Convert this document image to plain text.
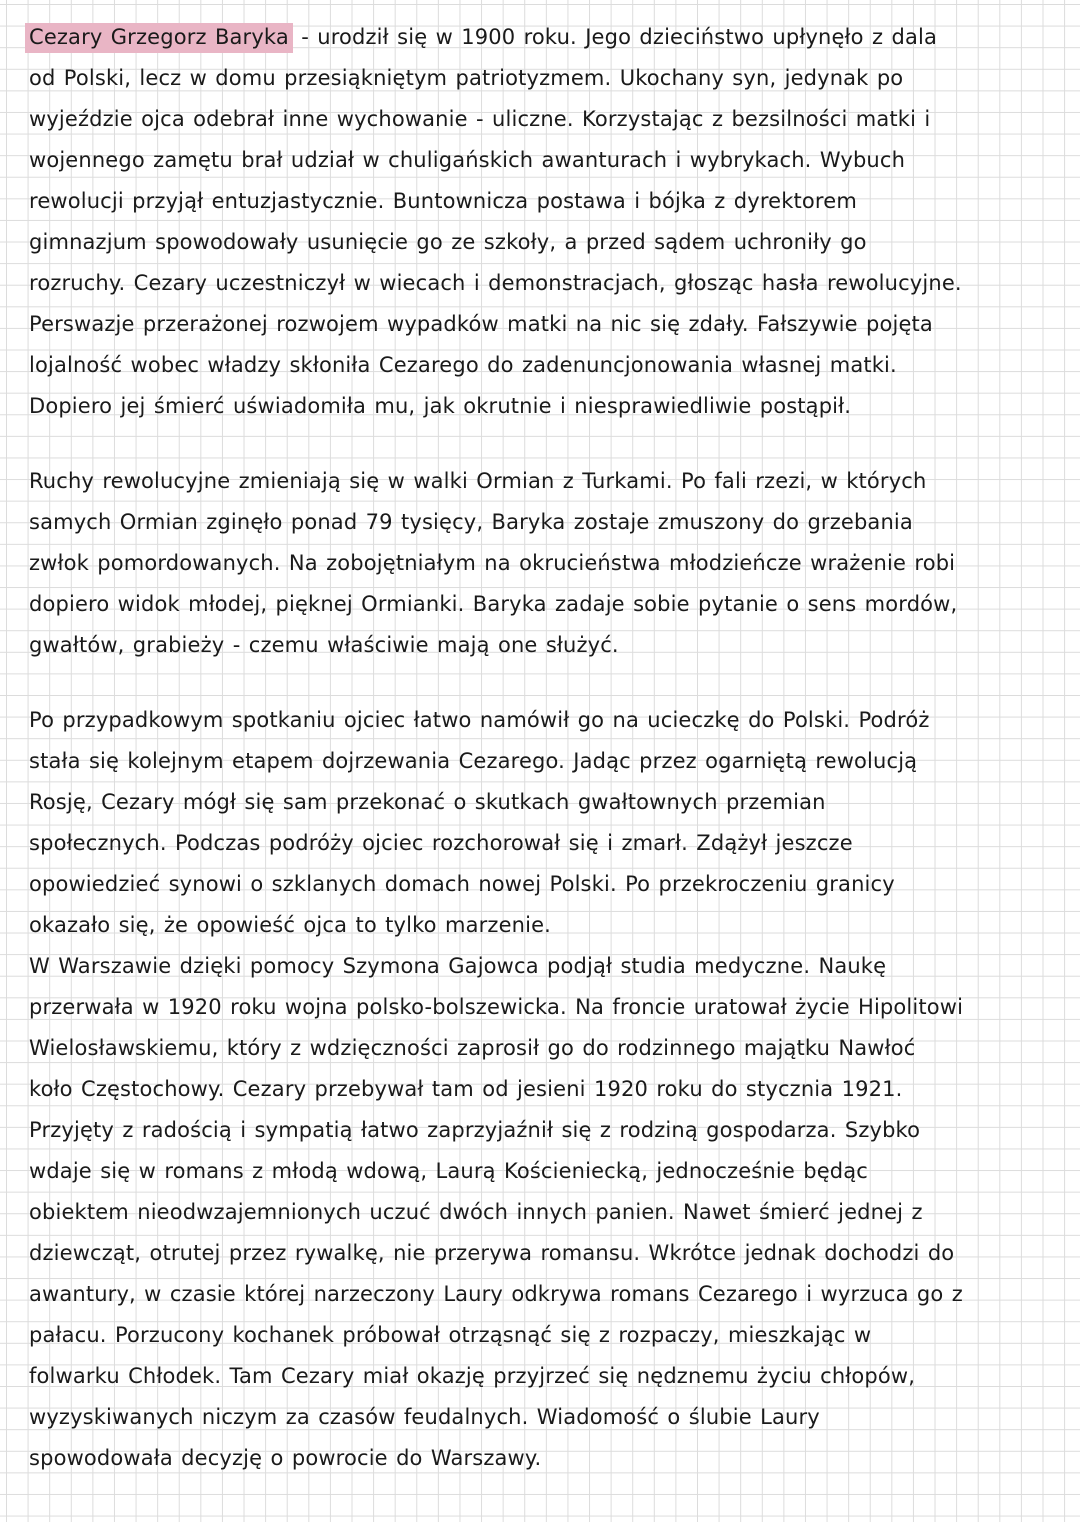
Cezary Grzegorz Baryka - urodził się w 1900 roku. Jego dzieciństwo upłynęło z dala
od Polski, lecz w domu przesiąkniętym patriotyzmem. Ukochany syn, jedynak po
wyjeździe ojca odebrał inne wychowanie - uliczne. Korzystając z bezsilności matki i
wojennego zamętu brał udział w chuligańskich awanturach i wybrykach. Wybuch
rewolucji przyjął entuzjastycznie. Buntownicza postawa i bójka z dyrektorem
gimnazjum spowodowały usunięcie go ze szkoły, a przed sądem uchroniły go
rozruchy. Cezary uczestniczył w wiecach i demonstracjach, głosząc hasła rewolucyjne.
Perswazje przerażonej rozwojem wypadków matki na nic się zdały. Fałszywie pojęta
lojalność wobec władzy skłoniła Cezarego do zadenuncjonowania własnej matki.
Dopiero jej śmierć uświadomiła mu, jak okrutnie i niesprawiedliwie postąpił.

Ruchy rewolucyjne zmieniają się w walki Ormian z Turkami. Po fali rzezi, w których
samych Ormian zginęło ponad 79 tysięcy, Baryka zostaje zmuszony do grzebania
zwłok pomordowanych. Na zobojętniałym na okrucieństwa młodzieńcze wrażenie robi
dopiero widok młodej, pięknej Ormianki. Baryka zadaje sobie pytanie o sens mordów,
gwałtów, grabieży - czemu właściwie mają one służyć.

Po przypadkowym spotkaniu ojciec łatwo namówił go na ucieczkę do Polski. Podróż
stała się kolejnym etapem dojrzewania Cezarego. Jadąc przez ogarniętą rewolucją
Rosję, Cezary mógł się sam przekonać o skutkach gwałtownych przemian
społecznych. Podczas podróży ojciec rozchorował się i zmarł. Zdążył jeszcze
opowiedzieć synowi o szklanych domach nowej Polski. Po przekroczeniu granicy
okazało się, że opowieść ojca to tylko marzenie.
W Warszawie dzięki pomocy Szymona Gajowca podjął studia medyczne. Naukę
przerwała w 1920 roku wojna polsko-bolszewicka. Na froncie uratował życie Hipolitowi
Wielosławskiemu, który z wdzięczności zaprosił go do rodzinnego majątku Nawłoć
koło Częstochowy. Cezary przebywał tam od jesieni 1920 roku do stycznia 1921.
Przyjęty z radością i sympatią łatwo zaprzyjaźnił się z rodziną gospodarza. Szybko
wdaje się w romans z młodą wdową, Laurą Kościeniecką, jednocześnie będąc
obiektem nieodwzajemnionych uczuć dwóch innych panien. Nawet śmierć jednej z
dziewcząt, otrutej przez rywalkę, nie przerywa romansu. Wkrótce jednak dochodzi do
awantury, w czasie której narzeczony Laury odkrywa romans Cezarego i wyrzuca go z
pałacu. Porzucony kochanek próbował otrząsnąć się z rozpaczy, mieszkając w
folwarku Chłodek. Tam Cezary miał okazję przyjrzeć się nędznemu życiu chłopów,
wyzyskiwanych niczym za czasów feudalnych. Wiadomość o ślubie Laury
spowodowała decyzję o powrocie do Warszawy.
